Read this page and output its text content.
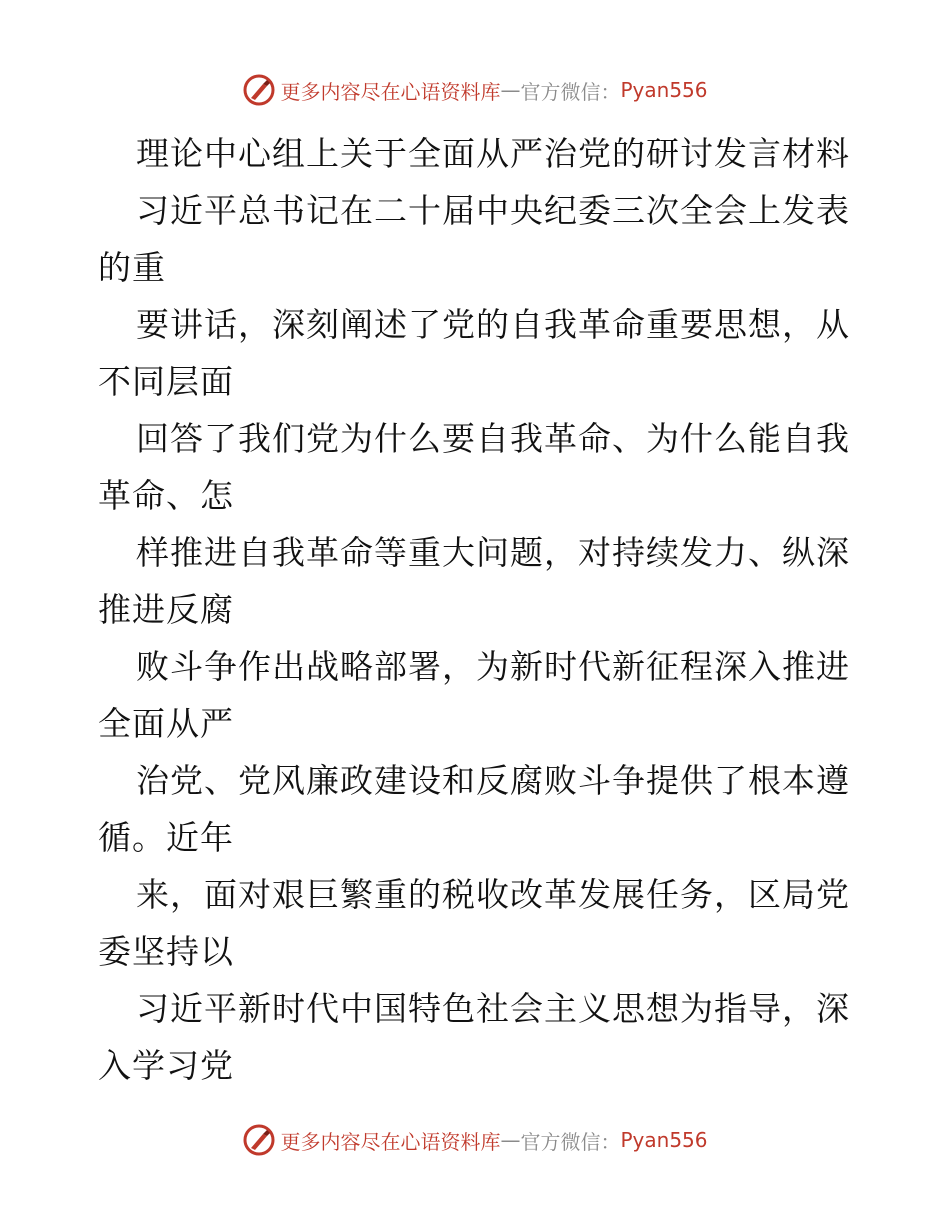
更多内容尽在心语资料库 — 官方微信： Pyan556
理论中心组上关于全面从严治党的研讨发言材料
习近平总书记在二十届中央纪委三次全会上发表
的重
要讲话，深刻阐述了党的自我革命重要思想，从
不同层面
回答了我们党为什么要自我革命、为什么能自我
革命、怎
样推进自我革命等重大问题，对持续发力、纵深
推进反腐
败斗争作出战略部署，为新时代新征程深入推进
全面从严
治党、党风廉政建设和反腐败斗争提供了根本遵
循。近年
来，面对艰巨繁重的税收改革发展任务，区局党
委坚持以
习近平新时代中国特色社会主义思想为指导，深
入学习党
更多内容尽在心语资料库 — 官方微信： Pyan556
